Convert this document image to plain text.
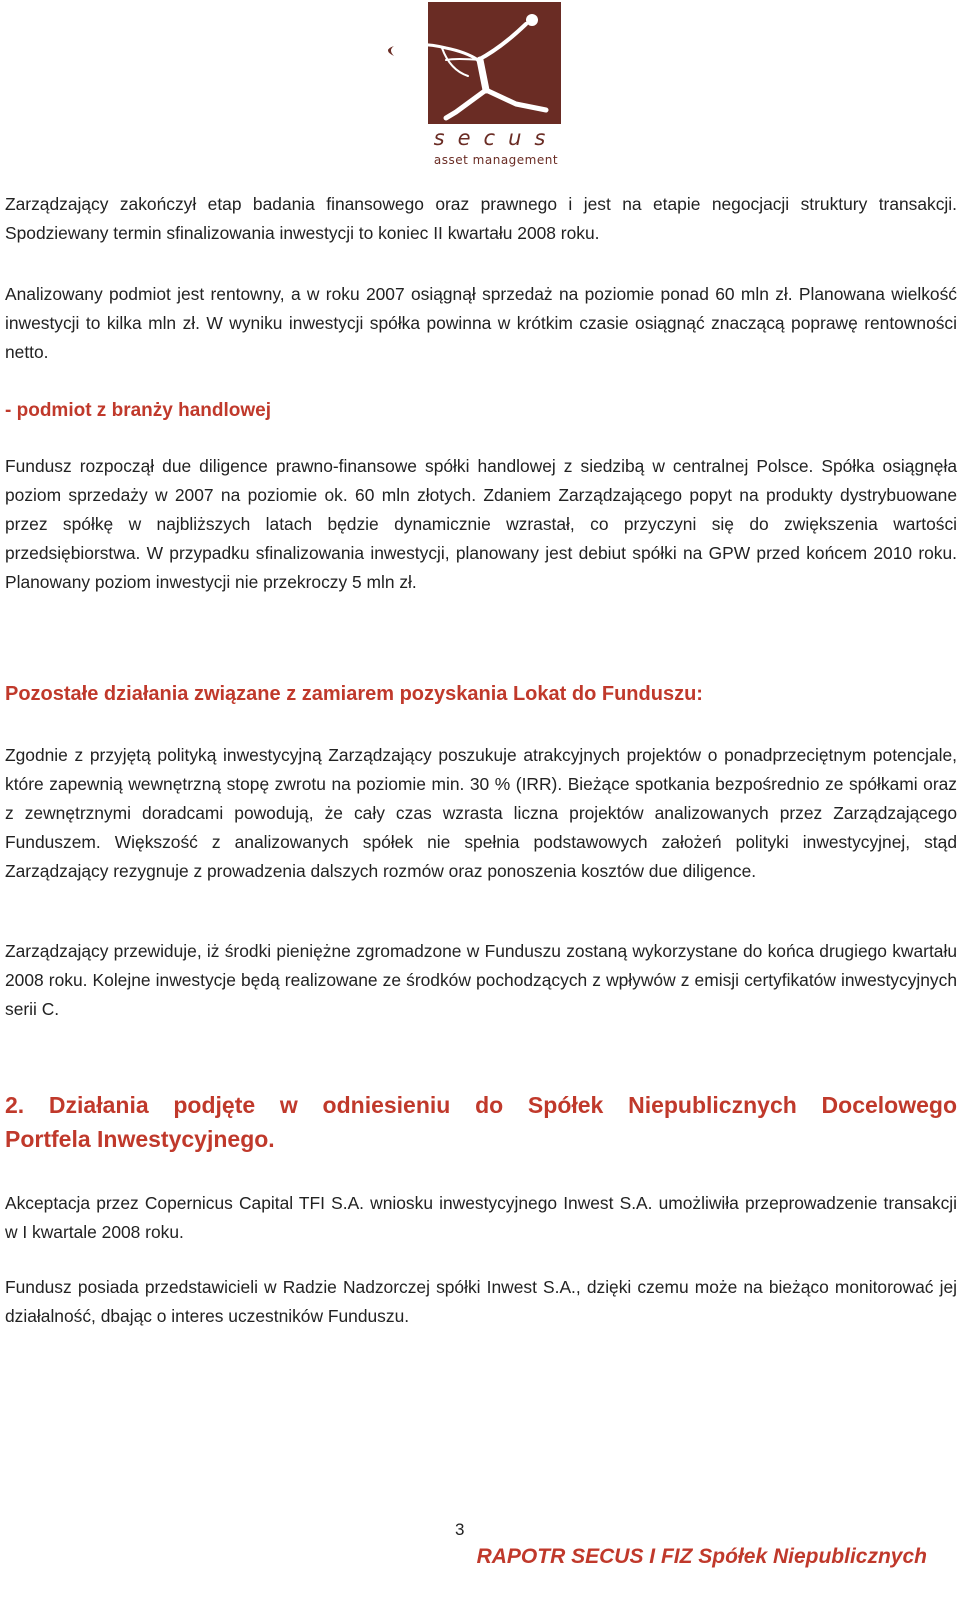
secus
asset management
Zarządzający zakończył etap badania finansowego oraz prawnego i jest na etapie negocjacji struktury transakcji. Spodziewany termin sfinalizowania inwestycji to koniec II kwartału 2008 roku.
Analizowany podmiot jest rentowny, a w roku 2007 osiągnął sprzedaż na poziomie ponad 60 mln zł. Planowana wielkość inwestycji to kilka mln zł. W wyniku inwestycji spółka powinna w krótkim czasie osiągnąć znaczącą poprawę rentowności netto.
- podmiot z branży handlowej
Fundusz rozpoczął due diligence prawno-finansowe spółki handlowej z siedzibą w centralnej Polsce. Spółka osiągnęła poziom sprzedaży w 2007 na poziomie ok. 60 mln złotych. Zdaniem Zarządzającego popyt na produkty dystrybuowane przez spółkę w najbliższych latach będzie dynamicznie wzrastał, co przyczyni się do zwiększenia wartości przedsiębiorstwa. W przypadku sfinalizowania inwestycji, planowany jest debiut spółki na GPW przed końcem 2010 roku. Planowany poziom inwestycji nie przekroczy 5 mln zł.
Pozostałe działania związane z zamiarem pozyskania Lokat do Funduszu:
Zgodnie z przyjętą polityką inwestycyjną Zarządzający poszukuje atrakcyjnych projektów o ponadprzeciętnym potencjale, które zapewnią wewnętrzną stopę zwrotu na poziomie min. 30 % (IRR). Bieżące spotkania bezpośrednio ze spółkami oraz z zewnętrznymi doradcami powodują, że cały czas wzrasta liczna projektów analizowanych przez Zarządzającego Funduszem. Większość z analizowanych spółek nie spełnia podstawowych założeń polityki inwestycyjnej, stąd Zarządzający rezygnuje z prowadzenia dalszych rozmów oraz ponoszenia kosztów due diligence.
Zarządzający przewiduje, iż środki pieniężne zgromadzone w Funduszu zostaną wykorzystane do końca drugiego kwartału 2008 roku. Kolejne inwestycje będą realizowane ze środków pochodzących z wpływów z emisji certyfikatów inwestycyjnych serii C.
2. Działania podjęte w odniesieniu do Spółek Niepublicznych Docelowego
Portfela Inwestycyjnego.
Akceptacja przez Copernicus Capital TFI S.A. wniosku inwestycyjnego Inwest S.A. umożliwiła przeprowadzenie transakcji w I kwartale 2008 roku.
Fundusz posiada przedstawicieli w Radzie Nadzorczej spółki Inwest S.A., dzięki czemu może na bieżąco monitorować jej działalność, dbając o interes uczestników Funduszu.
3
RAPOTR SECUS I FIZ Spółek Niepublicznych
